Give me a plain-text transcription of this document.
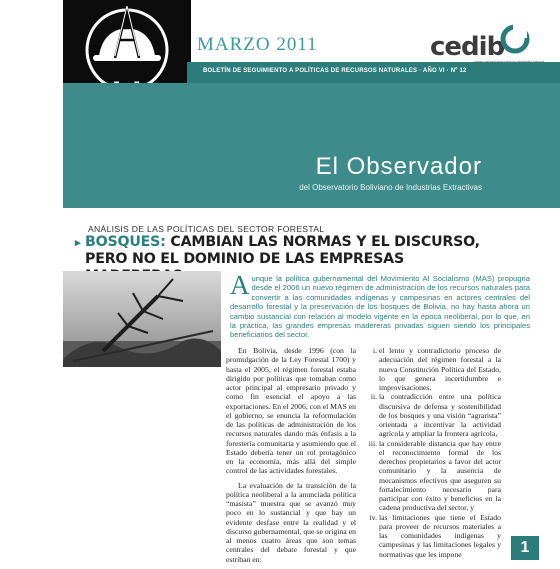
MARZO 2011	cedib
BOLETÍN DE SEGUIMIENTO A POLÍTICAS DE RECURSOS NATURALES · AÑO VI · Nº 12
El Observador
del Observatorio Boliviano de Industrias Extractivas
ANÁLISIS DE LAS POLÍTICAS DEL SECTOR FORESTAL
▸ BOSQUES: CAMBIAN LAS NORMAS Y EL DISCURSO, PERO NO EL DOMINIO DE LAS EMPRESAS
Aunque la política gubernamental del Movimiento Al Socialismo (MAS) propugna desde el 2006 un nuevo régimen de administración de los recursos naturales para convertir a las comunidades indígenas y campesinas en actores centrales del desarrollo forestal y la preservación de los bosques de Bolivia, no hay hasta ahora un cambio sustancial con relación al modelo vigente en la época neoliberal, por lo que, en la práctica, las grandes empresas madereras privadas siguen siendo los principales beneficiarios del sector.

En Bolivia, desde 1996 (con la promulgación de la Ley Forestal 1700) y hasta el 2005, el régimen forestal estaba dirigido por políticas que tomaban como actor principal al empresario privado y como fin esencial el apoyo a las exportaciones. En el 2006, con el MAS en el gobierno, se enuncia la reformulación de las políticas de administración de los recursos naturales dando más énfasis a la forestería comunitaria y asumiendo que el Estado debería tener un rol protagónico en la economía, más allá del simple control de las actividades forestales.

La evaluación de la transición de la política neoliberal a la anunciada política “masista” muestra que se avanzó muy poco en lo sustancial y que hay un evidente desfase entre la realidad y el discurso gubernamental, que se origina en al menos cuatro áreas que son temas centrales del debate forestal y que estriban en:

i. el lento y contradictorio proceso de adecuación del régimen forestal a la nueva Constitución Política del Estado, lo que genera incertidumbre e improvisaciones,
ii. la contradicción entre una política discursiva de defensa y sostenibilidad de los bosques y una visión “agrarista” orientada a incentivar la actividad agrícola y ampliar la frontera agrícola,
iii. la considerable distancia que hay entre el reconocimiento formal de los derechos propietarios a favor del actor comunitario y la ausencia de mecanismos efectivos que aseguren su fortalecimiento necesario para participar con éxito y beneficios en la cadena productiva del sector, y
iv. las limitaciones que tiene el Estado para proveer de recursos materiales a las comunidades indígenas y campesinas y las limitaciones legales y normativas que les impone	1
